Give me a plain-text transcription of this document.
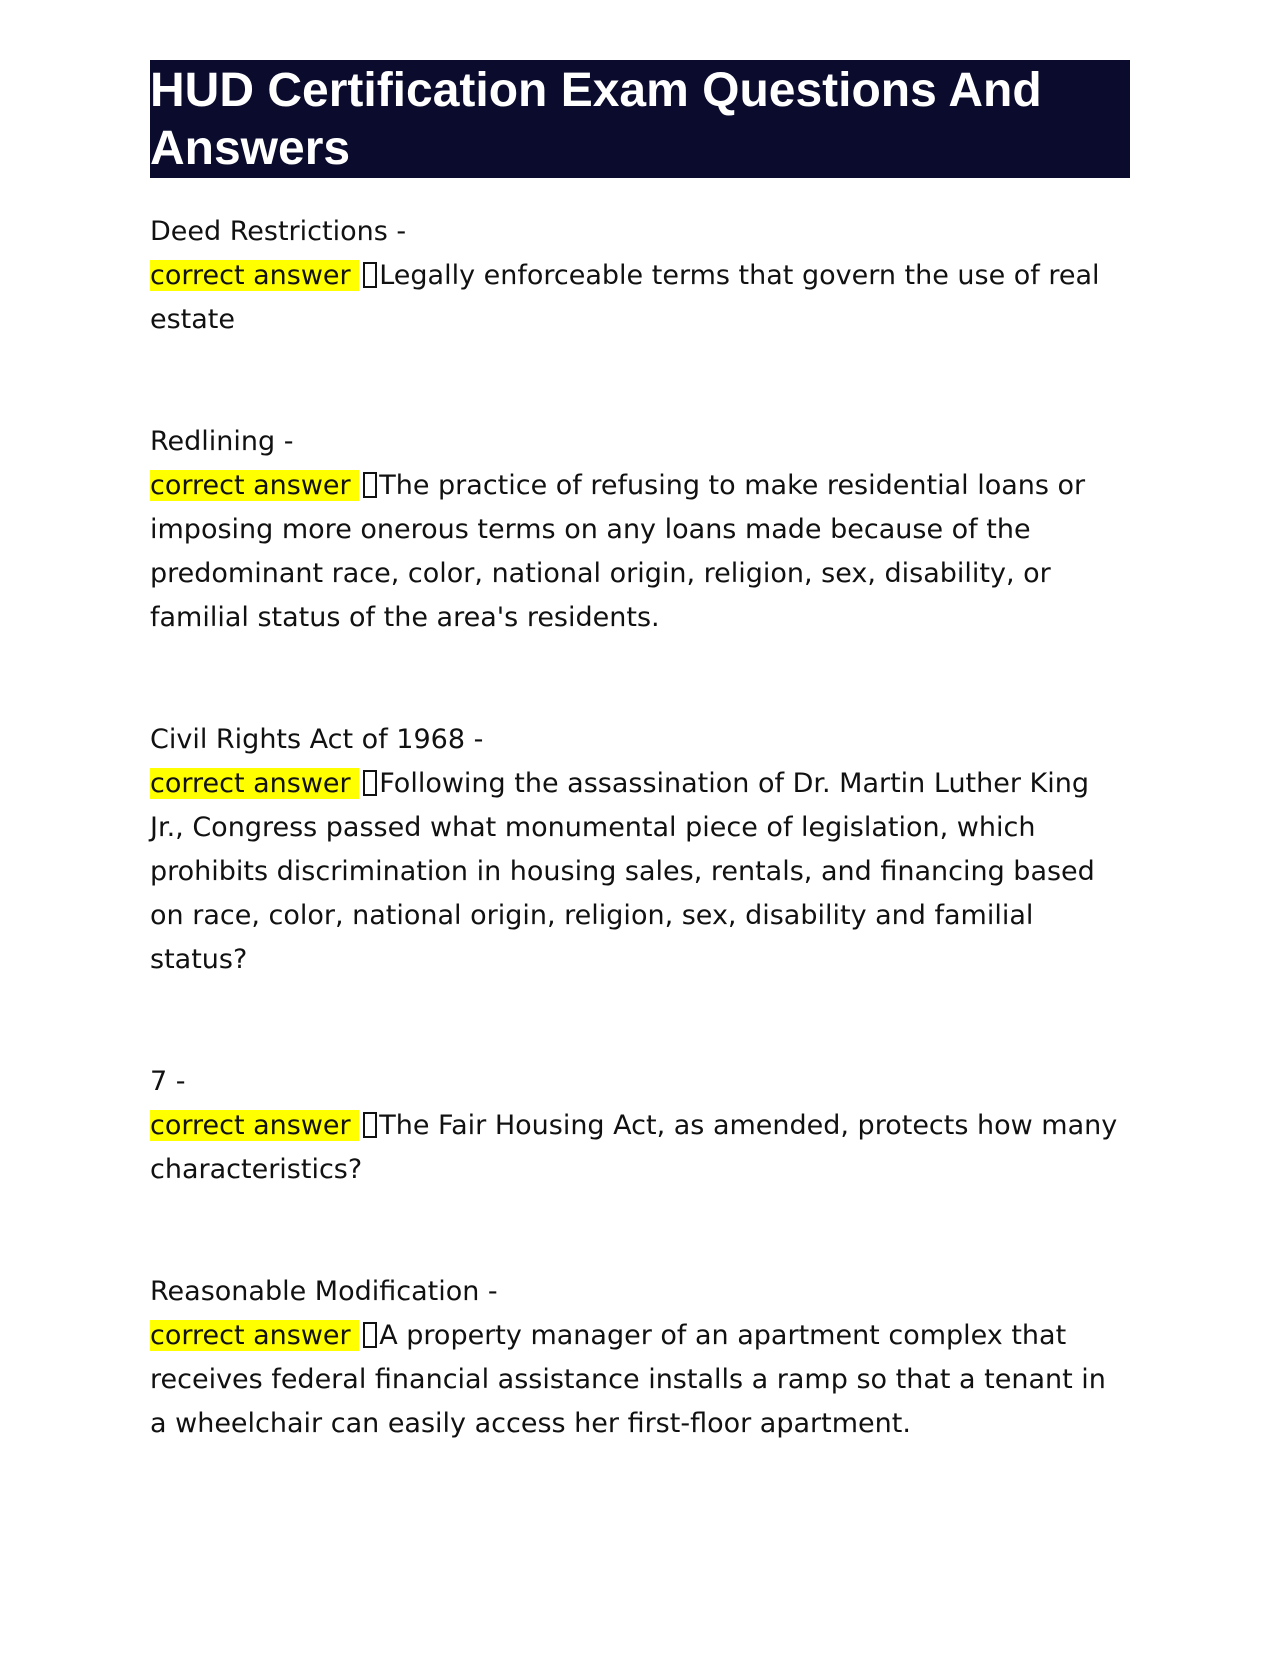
HUD Certification Exam Questions And Answers
Deed Restrictions -
correct answer Legally enforceable terms that govern the use of real estate
Redlining -
correct answer The practice of refusing to make residential loans or imposing more onerous terms on any loans made because of the predominant race, color, national origin, religion, sex, disability, or familial status of the area's residents.
Civil Rights Act of 1968 -
correct answer Following the assassination of Dr. Martin Luther King Jr., Congress passed what monumental piece of legislation, which prohibits discrimination in housing sales, rentals, and financing based on race, color, national origin, religion, sex, disability and familial status?
7 -
correct answer The Fair Housing Act, as amended, protects how many characteristics?
Reasonable Modification -
correct answer A property manager of an apartment complex that receives federal financial assistance installs a ramp so that a tenant in a wheelchair can easily access her first-floor apartment.
